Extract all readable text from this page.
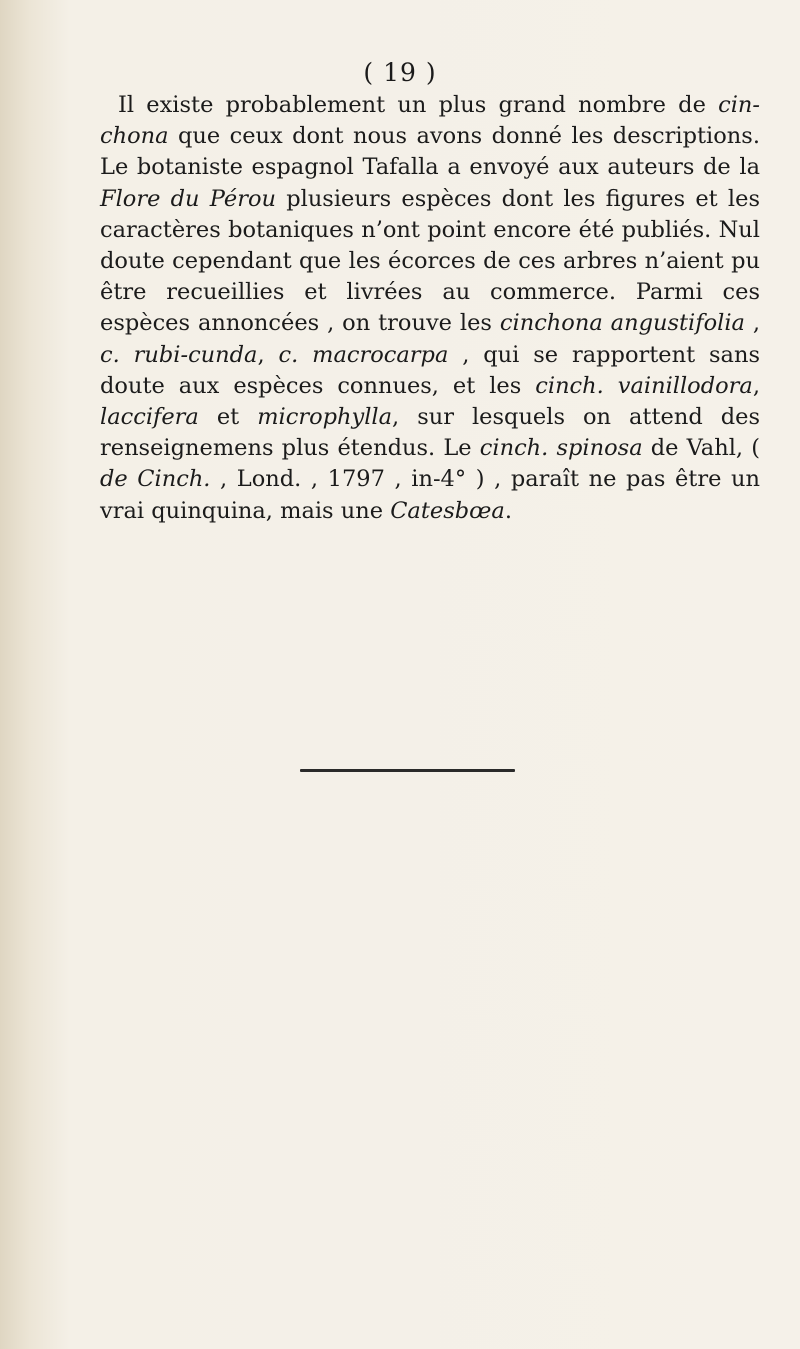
( 19 )

Il existe probablement un plus grand nombre de cin-chona que ceux dont nous avons donné les descriptions. Le botaniste espagnol Tafalla a envoyé aux auteurs de la Flore du Pérou plusieurs espèces dont les figures et les caractères botaniques n’ont point encore été publiés. Nul doute cependant que les écorces de ces arbres n’aient pu être recueillies et livrées au commerce. Parmi ces espèces annoncées , on trouve les cinchona angustifolia , c. rubi-cunda, c. macrocarpa , qui se rapportent sans doute aux espèces connues, et les cinch. vainillodora, laccifera et microphylla, sur lesquels on attend des renseignemens plus étendus. Le cinch. spinosa de Vahl, ( de Cinch. , Lond. , 1797 , in-4° ) , paraît ne pas être un vrai quinquina, mais une Catesbœa.
